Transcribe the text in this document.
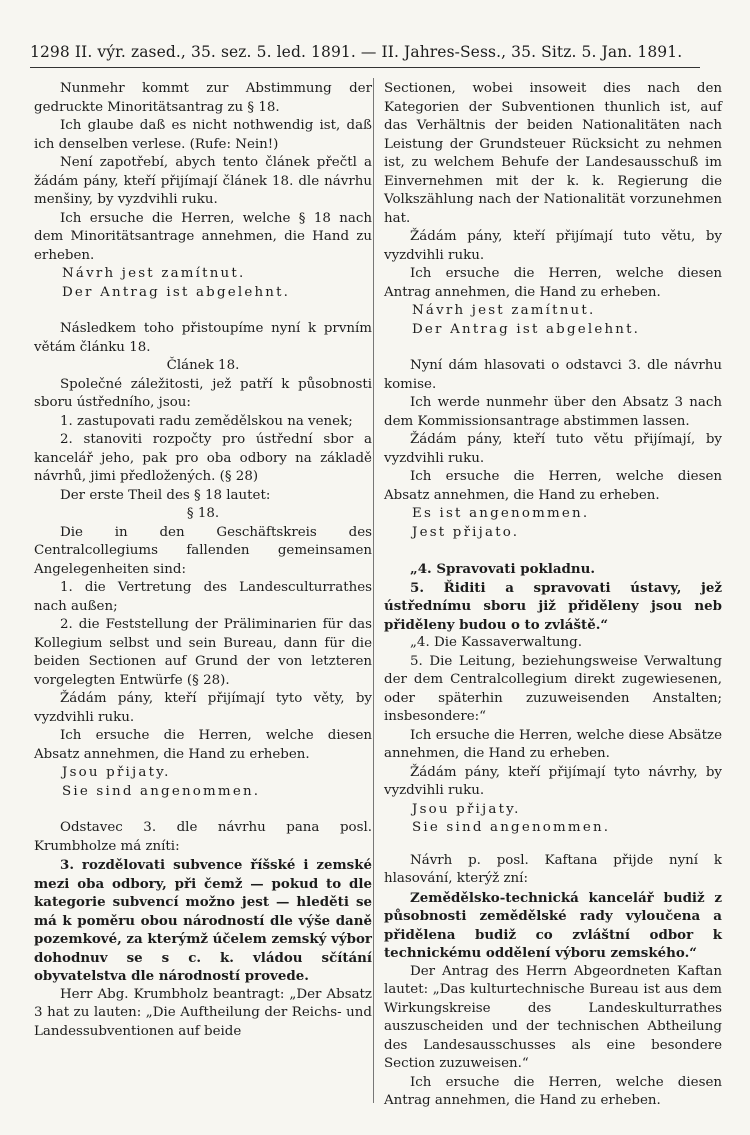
1298 II. výr. zased., 35. sez. 5. led. 1891. — II. Jahres-Sess., 35. Sitz. 5. Jan. 1891.

Nunmehr kommt zur Abstimmung der gedruckte Minoritätsantrag zu § 18.

Ich glaube daß es nicht nothwendig ist, daß ich denselben verlese. (Rufe: Nein!)

Není zapotřebí, abych tento článek přečtl a žádám pány, kteří přijímají článek 18. dle návrhu menšiny, by vyzdvihli ruku.

Ich ersuche die Herren, welche § 18 nach dem Minoritätsantrage annehmen, die Hand zu erheben.

Návrh jest zamítnut.

Der Antrag ist abgelehnt.

Následkem toho přistoupíme nyní k prvním větám článku 18.

Článek 18.

Společné záležitosti, jež patří k působnosti sboru ústředního, jsou:

1. zastupovati radu zemědělskou na venek;

2. stanoviti rozpočty pro ústřední sbor a kancelář jeho, pak pro oba odbory na základě návrhů, jimi předložených. (§ 28)

Der erste Theil des § 18 lautet:

§ 18.

Die in den Geschäftskreis des Centralcollegiums fallenden gemeinsamen Angelegenheiten sind:

1. die Vertretung des Landesculturrathes nach außen;

2. die Feststellung der Präliminarien für das Kollegium selbst und sein Bureau, dann für die beiden Sectionen auf Grund der von letzteren vorgelegten Entwürfe (§ 28).

Žádám pány, kteří přijímají tyto věty, by vyzdvihli ruku.

Ich ersuche die Herren, welche diesen Absatz annehmen, die Hand zu erheben.

Jsou přijaty.

Sie sind angenommen.

Odstavec 3. dle návrhu pana posl. Krumbholze má zníti:

3. rozdělovati subvence říšské i zemské mezi oba odbory, při čemž — pokud to dle kategorie subvencí možno jest — hleděti se má k poměru obou národností dle výše daně pozemkové, za kterýmž účelem zemský výbor dohodnuv se s c. k. vládou sčítání obyvatelstva dle národností provede.

Herr Abg. Krumbholz beantragt: „Der Absatz 3 hat zu lauten: „Die Auftheilung der Reichs- und Landessubventionen auf beide

Sectionen, wobei insoweit dies nach den Kategorien der Subventionen thunlich ist, auf das Verhältnis der beiden Nationalitäten nach Leistung der Grundsteuer Rücksicht zu nehmen ist, zu welchem Behufe der Landesausschuß im Einvernehmen mit der k. k. Regierung die Volkszählung nach der Nationalität vorzunehmen hat.

Žádám pány, kteří přijímají tuto větu, by vyzdvihli ruku.

Ich ersuche die Herren, welche diesen Antrag annehmen, die Hand zu erheben.

Návrh jest zamítnut.

Der Antrag ist abgelehnt.

Nyní dám hlasovati o odstavci 3. dle návrhu komise.

Ich werde nunmehr über den Absatz 3 nach dem Kommissionsantrage abstimmen lassen.

Žádám pány, kteří tuto větu přijímají, by vyzdvihli ruku.

Ich ersuche die Herren, welche diesen Absatz annehmen, die Hand zu erheben.

Es ist angenommen.

Jest přijato.

„4. Spravovati pokladnu.

5. Řiditi a spravovati ústavy, jež ústřednímu sboru již přiděleny jsou neb přiděleny budou o to zvláště.“

„4. Die Kassaverwaltung.

5. Die Leitung, beziehungsweise Verwaltung der dem Centralcollegium direkt zugewiesenen, oder späterhin zuzuweisenden Anstalten; insbesondere:“

Ich ersuche die Herren, welche diese Absätze annehmen, die Hand zu erheben.

Žádám pány, kteří přijímají tyto návrhy, by vyzdvihli ruku.

Jsou přijaty.

Sie sind angenommen.

Návrh p. posl. Kaftana přijde nyní k hlasování, kterýž zní:

Zemědělsko-technická kancelář budiž z působnosti zemědělské rady vyloučena a přidělena budiž co zvláštní odbor k technickému oddělení výboru zemského.“

Der Antrag des Herrn Abgeordneten Kaftan lautet: „Das kulturtechnische Bureau ist aus dem Wirkungskreise des Landeskulturrathes auszuscheiden und der technischen Abtheilung des Landesausschusses als eine besondere Section zuzuweisen.“

Ich ersuche die Herren, welche diesen Antrag annehmen, die Hand zu erheben.
